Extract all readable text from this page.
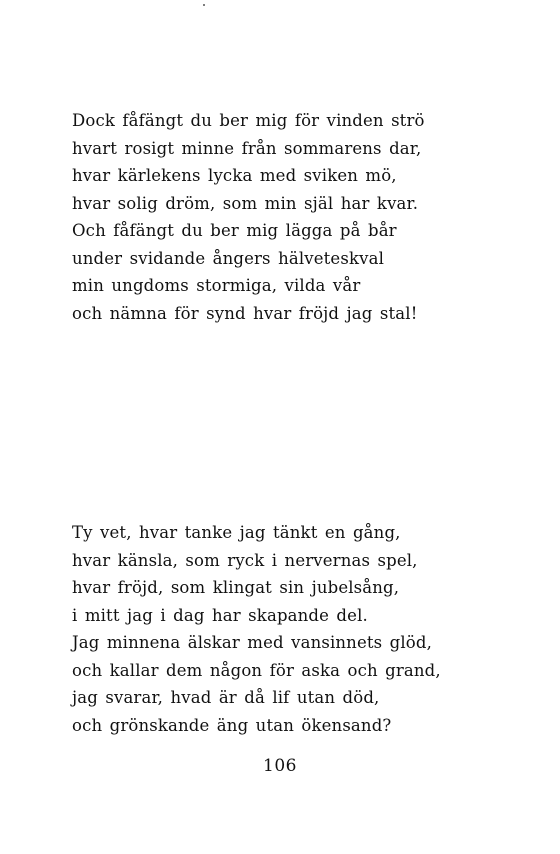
Dock fåfängt du ber mig för vinden strö
hvart rosigt minne från sommarens dar,
hvar kärlekens lycka med sviken mö,
hvar solig dröm, som min själ har kvar.
Och fåfängt du ber mig lägga på bår
under svidande ångers hälveteskval
min ungdoms stormiga, vilda vår
och nämna för synd hvar fröjd jag stal!
Ty vet, hvar tanke jag tänkt en gång,
hvar känsla, som ryck i nervernas spel,
hvar fröjd, som klingat sin jubelsång,
i mitt jag i dag har skapande del.
Jag minnena älskar med vansinnets glöd,
och kallar dem någon för aska och grand,
jag svarar, hvad är då lif utan död,
och grönskande äng utan ökensand?
106
